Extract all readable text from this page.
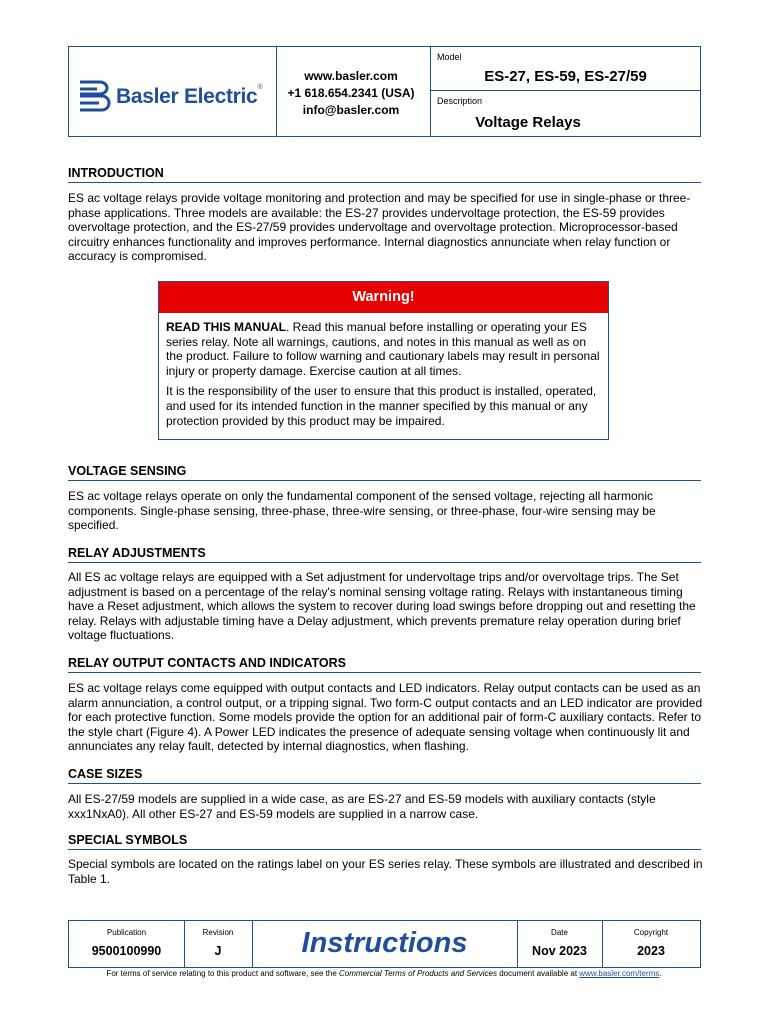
Basler Electric®
www.basler.com
+1 618.654.2341 (USA)
info@basler.com
Model
ES-27, ES-59, ES-27/59
Description
Voltage Relays
INTRODUCTION
ES ac voltage relays provide voltage monitoring and protection and may be specified for use in single-phase or three-phase applications. Three models are available: the ES-27 provides undervoltage protection, the ES-59 provides overvoltage protection, and the ES-27/59 provides undervoltage and overvoltage protection. Microprocessor-based circuitry enhances functionality and improves performance. Internal diagnostics annunciate when relay function or accuracy is compromised.
Warning!

READ THIS MANUAL. Read this manual before installing or operating your ES series relay. Note all warnings, cautions, and notes in this manual as well as on the product. Failure to follow warning and cautionary labels may result in personal injury or property damage. Exercise caution at all times.

It is the responsibility of the user to ensure that this product is installed, operated, and used for its intended function in the manner specified by this manual or any protection provided by this product may be impaired.

VOLTAGE SENSING
ES ac voltage relays operate on only the fundamental component of the sensed voltage, rejecting all harmonic components. Single-phase sensing, three-phase, three-wire sensing, or three-phase, four-wire sensing may be specified.
RELAY ADJUSTMENTS
All ES ac voltage relays are equipped with a Set adjustment for undervoltage trips and/or overvoltage trips. The Set adjustment is based on a percentage of the relay's nominal sensing voltage rating. Relays with instantaneous timing have a Reset adjustment, which allows the system to recover during load swings before dropping out and resetting the relay. Relays with adjustable timing have a Delay adjustment, which prevents premature relay operation during brief voltage fluctuations.
RELAY OUTPUT CONTACTS AND INDICATORS
ES ac voltage relays come equipped with output contacts and LED indicators. Relay output contacts can be used as an alarm annunciation, a control output, or a tripping signal. Two form-C output contacts and an LED indicator are provided for each protective function. Some models provide the option for an additional pair of form-C auxiliary contacts. Refer to the style chart (Figure 4). A Power LED indicates the presence of adequate sensing voltage when continuously lit and annunciates any relay fault, detected by internal diagnostics, when flashing.
CASE SIZES
All ES-27/59 models are supplied in a wide case, as are ES-27 and ES-59 models with auxiliary contacts (style xxx1NxA0). All other ES-27 and ES-59 models are supplied in a narrow case.
SPECIAL SYMBOLS
Special symbols are located on the ratings label on your ES series relay. These symbols are illustrated and described in Table 1.
Publication
9500100990
Revision
J	Instructions	Date
Nov 2023
Copyright
2023
For terms of service relating to this product and software, see the Commercial Terms of Products and Services document available at www.basler.com/terms.
